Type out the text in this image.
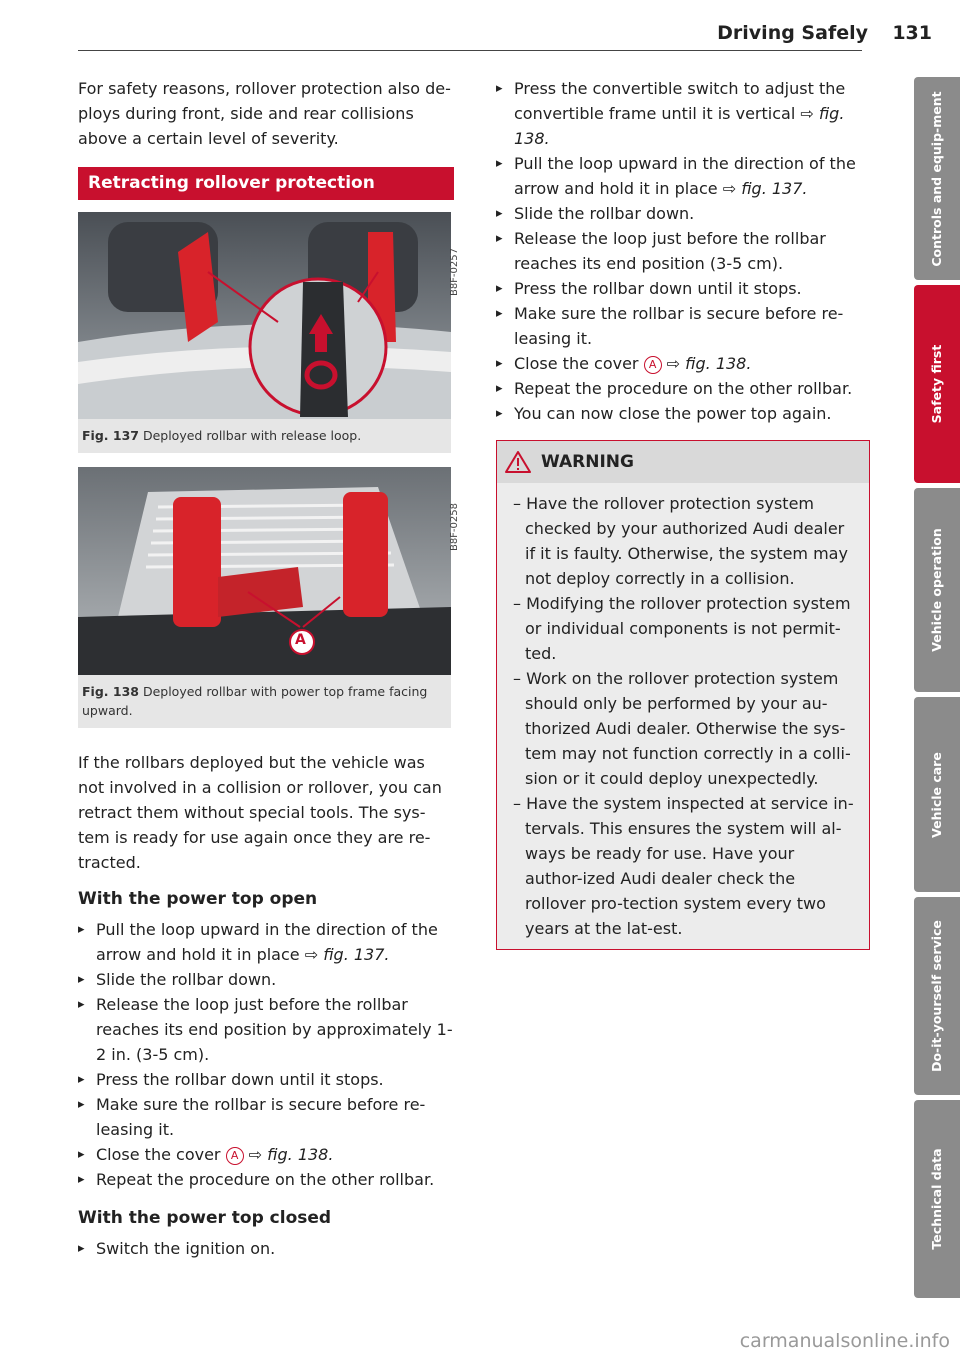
Driving Safely 131

For safety reasons, rollover protection also de-ploys during front, side and rear collisions above a certain level of severity.

Retracting rollover protection
B8F-0257
Fig. 137 Deployed rollbar with release loop.
B8F-0258
A
Fig. 138 Deployed rollbar with power top frame facing upward.

If the rollbars deployed but the vehicle was not involved in a collision or rollover, you can retract them without special tools. The sys-tem is ready for use again once they are re-tracted.

With the power top open
▸ Pull the loop upward in the direction of the arrow and hold it in place ⇨ fig. 137.
▸ Slide the rollbar down.
▸ Release the loop just before the rollbar reaches its end position by approximately 1-2 in. (3-5 cm).
▸ Press the rollbar down until it stops.
▸ Make sure the rollbar is secure before re-leasing it.
▸ Close the cover A ⇨ fig. 138.
▸ Repeat the procedure on the other rollbar.
With the power top closed
▸ Switch the ignition on.
▸ Press the convertible switch to adjust the convertible frame until it is vertical ⇨ fig. 138.
▸ Pull the loop upward in the direction of the arrow and hold it in place ⇨ fig. 137.
▸ Slide the rollbar down.
▸ Release the loop just before the rollbar reaches its end position (3-5 cm).
▸ Press the rollbar down until it stops.
▸ Make sure the rollbar is secure before re-leasing it.
▸ Close the cover A ⇨ fig. 138.
▸ Repeat the procedure on the other rollbar.
▸ You can now close the power top again.
WARNING
– Have the rollover protection system checked by your authorized Audi dealer if it is faulty. Otherwise, the system may not deploy correctly in a collision.
– Modifying the rollover protection system or individual components is not permit-ted.
– Work on the rollover protection system should only be performed by your au-thorized Audi dealer. Otherwise the sys-tem may not function correctly in a colli-sion or it could deploy unexpectedly.
– Have the system inspected at service in-tervals. This ensures the system will al-ways be ready for use. Have your author-ized Audi dealer check the rollover pro-tection system every two years at the lat-est.
Controls and equip-ment
Safety first
Vehicle operation
Vehicle care
Do-it-yourself service
Technical data
carmanualsonline.info
